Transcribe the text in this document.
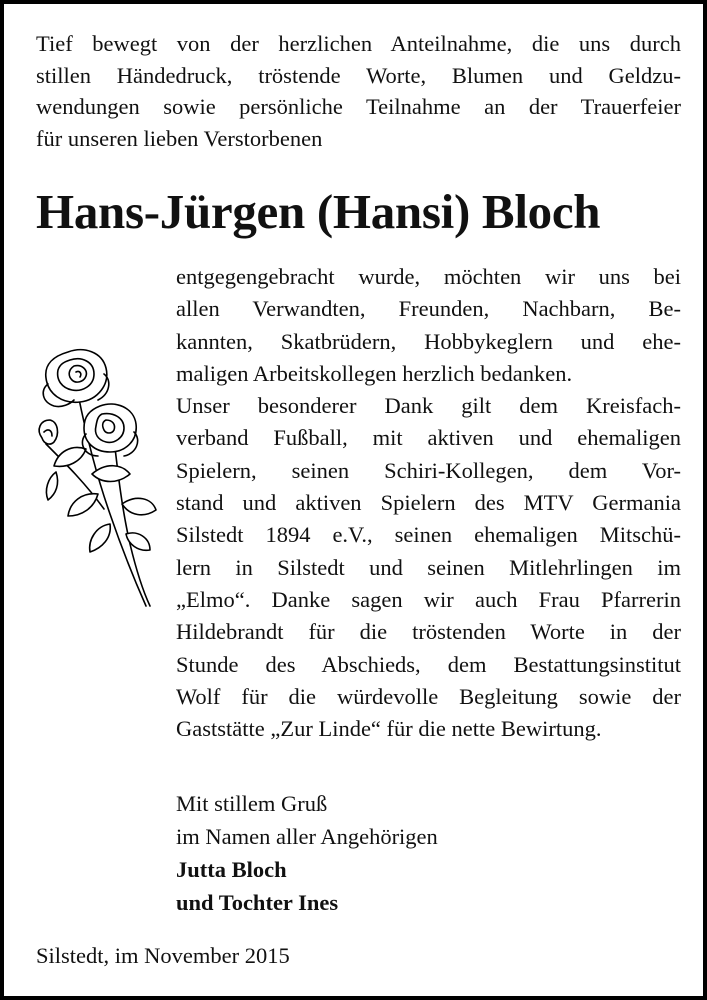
Tief bewegt von der herzlichen Anteilnahme, die uns durch
stillen Händedruck, tröstende Worte, Blumen und Geldzu-
wendungen sowie persönliche Teilnahme an der Trauerfeier
für unseren lieben Verstorbenen
Hans-Jürgen (Hansi) Bloch
entgegengebracht wurde, möchten wir uns bei
allen Verwandten, Freunden, Nachbarn, Be-
kannten, Skatbrüdern, Hobbykeglern und ehe-
maligen Arbeitskollegen herzlich bedanken.
Unser besonderer Dank gilt dem Kreisfach-
verband Fußball, mit aktiven und ehemaligen
Spielern, seinen Schiri-Kollegen, dem Vor-
stand und aktiven Spielern des MTV Germania
Silstedt 1894 e.V., seinen ehemaligen Mitschü-
lern in Silstedt und seinen Mitlehrlingen im
„Elmo“. Danke sagen wir auch Frau Pfarrerin
Hildebrandt für die tröstenden Worte in der
Stunde des Abschieds, dem Bestattungsinstitut
Wolf für die würdevolle Begleitung sowie der
Gaststätte „Zur Linde“ für die nette Bewirtung.
Mit stillem Gruß
im Namen aller Angehörigen
Jutta Bloch
und Tochter Ines
Silstedt, im November 2015
